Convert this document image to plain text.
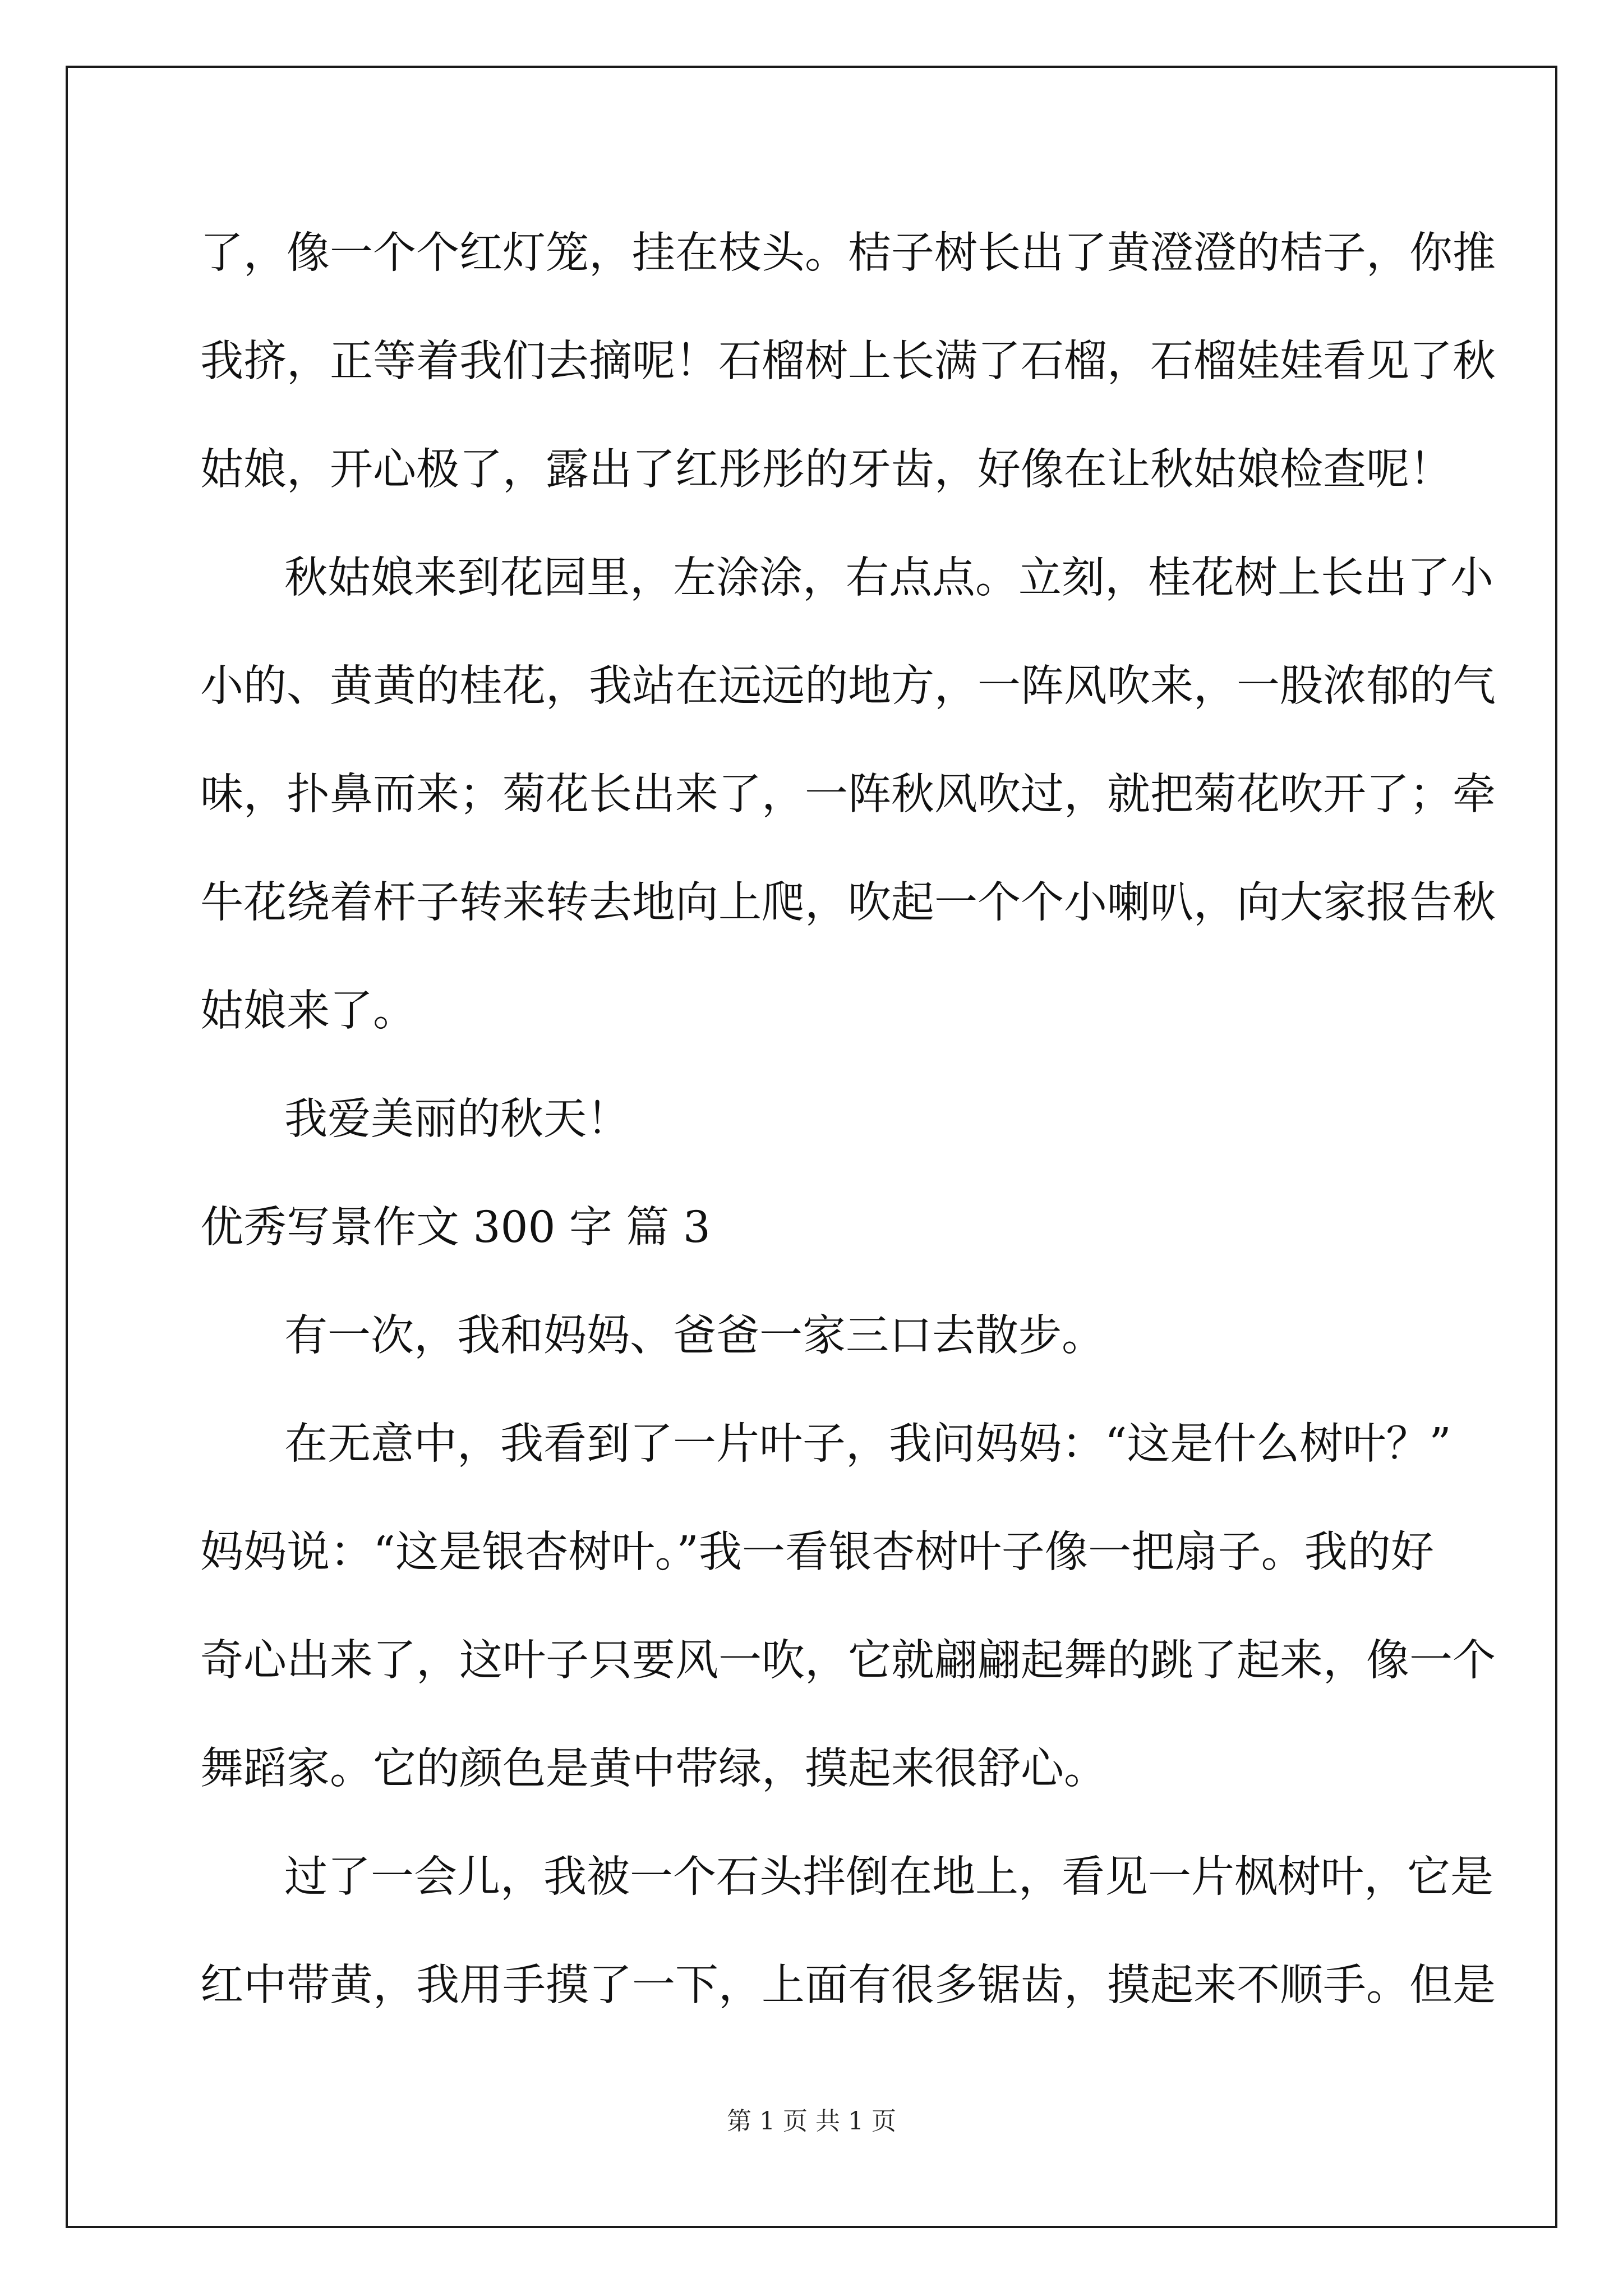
了，像一个个红灯笼，挂在枝头。桔子树长出了黄澄澄的桔子，你推
我挤，正等着我们去摘呢！石榴树上长满了石榴，石榴娃娃看见了秋
姑娘，开心极了，露出了红彤彤的牙齿，好像在让秋姑娘检查呢！
秋姑娘来到花园里，左涂涂，右点点。立刻，桂花树上长出了小
小的、黄黄的桂花，我站在远远的地方，一阵风吹来，一股浓郁的气
味，扑鼻而来；菊花长出来了，一阵秋风吹过，就把菊花吹开了；牵
牛花绕着杆子转来转去地向上爬，吹起一个个小喇叭，向大家报告秋
姑娘来了。
我爱美丽的秋天！
优秀写景作文 300 字 篇 3
有一次，我和妈妈、爸爸一家三口去散步。
在无意中，我看到了一片叶子，我问妈妈：“这是什么树叶？”
妈妈说：“这是银杏树叶。”我一看银杏树叶子像一把扇子。我的好
奇心出来了，这叶子只要风一吹，它就翩翩起舞的跳了起来，像一个
舞蹈家。它的颜色是黄中带绿，摸起来很舒心。
过了一会儿，我被一个石头拌倒在地上，看见一片枫树叶，它是
红中带黄，我用手摸了一下，上面有很多锯齿，摸起来不顺手。但是
第 1 页 共 1 页
